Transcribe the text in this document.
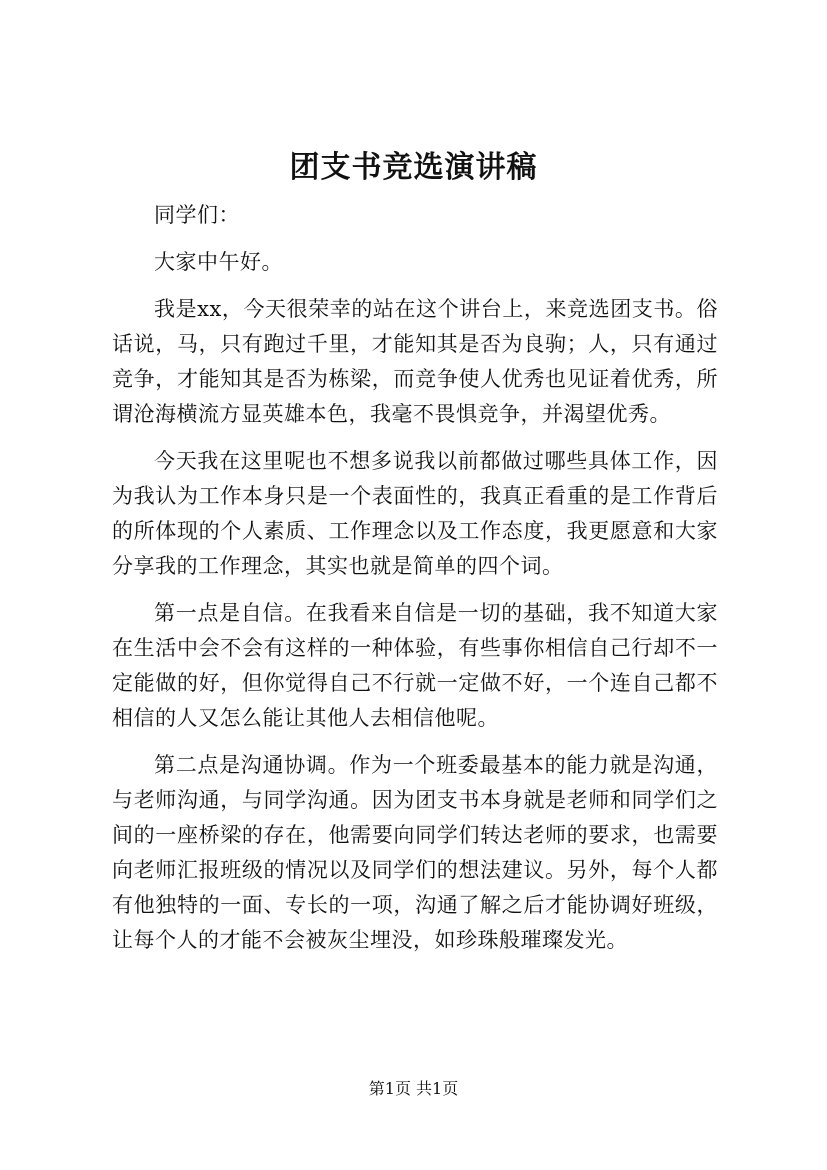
团支书竞选演讲稿

同学们：

大家中午好。

我是xx，今天很荣幸的站在这个讲台上，来竞选团支书。俗话说，马，只有跑过千里，才能知其是否为良驹；人，只有通过竞争，才能知其是否为栋梁，而竞争使人优秀也见证着优秀，所谓沧海横流方显英雄本色，我毫不畏惧竞争，并渴望优秀。

今天我在这里呢也不想多说我以前都做过哪些具体工作，因为我认为工作本身只是一个表面性的，我真正看重的是工作背后的所体现的个人素质、工作理念以及工作态度，我更愿意和大家分享我的工作理念，其实也就是简单的四个词。

第一点是自信。在我看来自信是一切的基础，我不知道大家在生活中会不会有这样的一种体验，有些事你相信自己行却不一定能做的好，但你觉得自己不行就一定做不好，一个连自己都不相信的人又怎么能让其他人去相信他呢。

第二点是沟通协调。作为一个班委最基本的能力就是沟通，与老师沟通，与同学沟通。因为团支书本身就是老师和同学们之间的一座桥梁的存在，他需要向同学们转达老师的要求，也需要向老师汇报班级的情况以及同学们的想法建议。另外，每个人都有他独特的一面、专长的一项，沟通了解之后才能协调好班级，让每个人的才能不会被灰尘埋没，如珍珠般璀璨发光。

第1页 共1页
